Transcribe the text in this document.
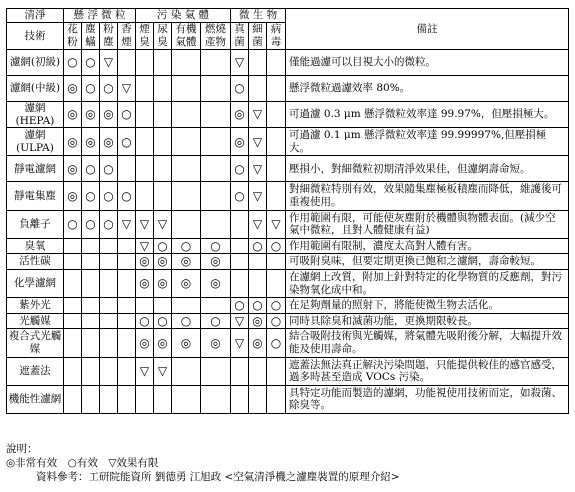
清淨	懸 浮 微 粒				污 染 氣 體				微 生 物			備註
技術	花粉	塵蟎	粉塵	香煙	煙臭	尿臭	有機氣體	燃燒產物	真菌	細菌	病毒	
濾網(初級)	○	○	▽						▽			僅能過濾可以目視大小的微粒。
濾網(中級)	◎	○	○	▽					○			懸浮微粒過濾效率 80%。
濾網(HEPA)	◎	◎	◎	○					◎	▽		可過濾 0.3 μm 懸浮微粒效率達 99.97%，但壓損極大。
濾網(ULPA)	◎	◎	◎	○					◎	▽		可過濾 0.1 μm 懸浮微粒效率達 99.99997%,但壓損極大。
靜電濾網	◎	○	○						○	▽		壓損小，對細微粒初期清淨效果佳，但濾網壽命短。
靜電集塵	◎	○	○	○					○	▽		對細微粒特別有效，效果隨集塵極板積塵而降低，維護後可重複使用。
負離子	○	○	○	▽	▽	▽				▽	▽	作用範圍有限，可能使灰塵附於機體與物體表面。(減少空氣中微粒，且對人體健康有益)
臭氧					▽	○	○	○		○	○	作用範圍有限制，濃度太高對人體有害。
活性碳					◎	◎	◎	◎				可吸附臭味，但要定期更換已飽和之濾網，壽命較短。
化學濾網					◎	◎	◎	◎				在濾網上改質，附加上針對特定的化學物質的反應劑，對污染物氧化成中和。
紫外光									○	○	○	在足夠劑量的照射下，將能使微生物去活化。
光觸媒					○	○	○	○	▽	◎	○	同時具除臭和滅菌功能，更換期限較長。
複合式光觸媒					◎	◎	◎	◎	▽	◎	○	結合吸附技術與光觸媒，將氣體先吸附後分解，大幅提升效能及使用壽命。
遮蓋法					▽	▽						遮蓋法無法真正解決污染問題，只能提供較佳的感官感受，過多時甚至造成 VOCs 污染。
機能性濾網												具特定功能而製造的濾網，功能視使用技術而定，如殺菌、除臭等。
說明：
◎非常有效　○有效　▽效果有限
資料參考：工研院能資所 劉德勇 江旭政 <空氣清淨機之濾塵裝置的原理介紹>
